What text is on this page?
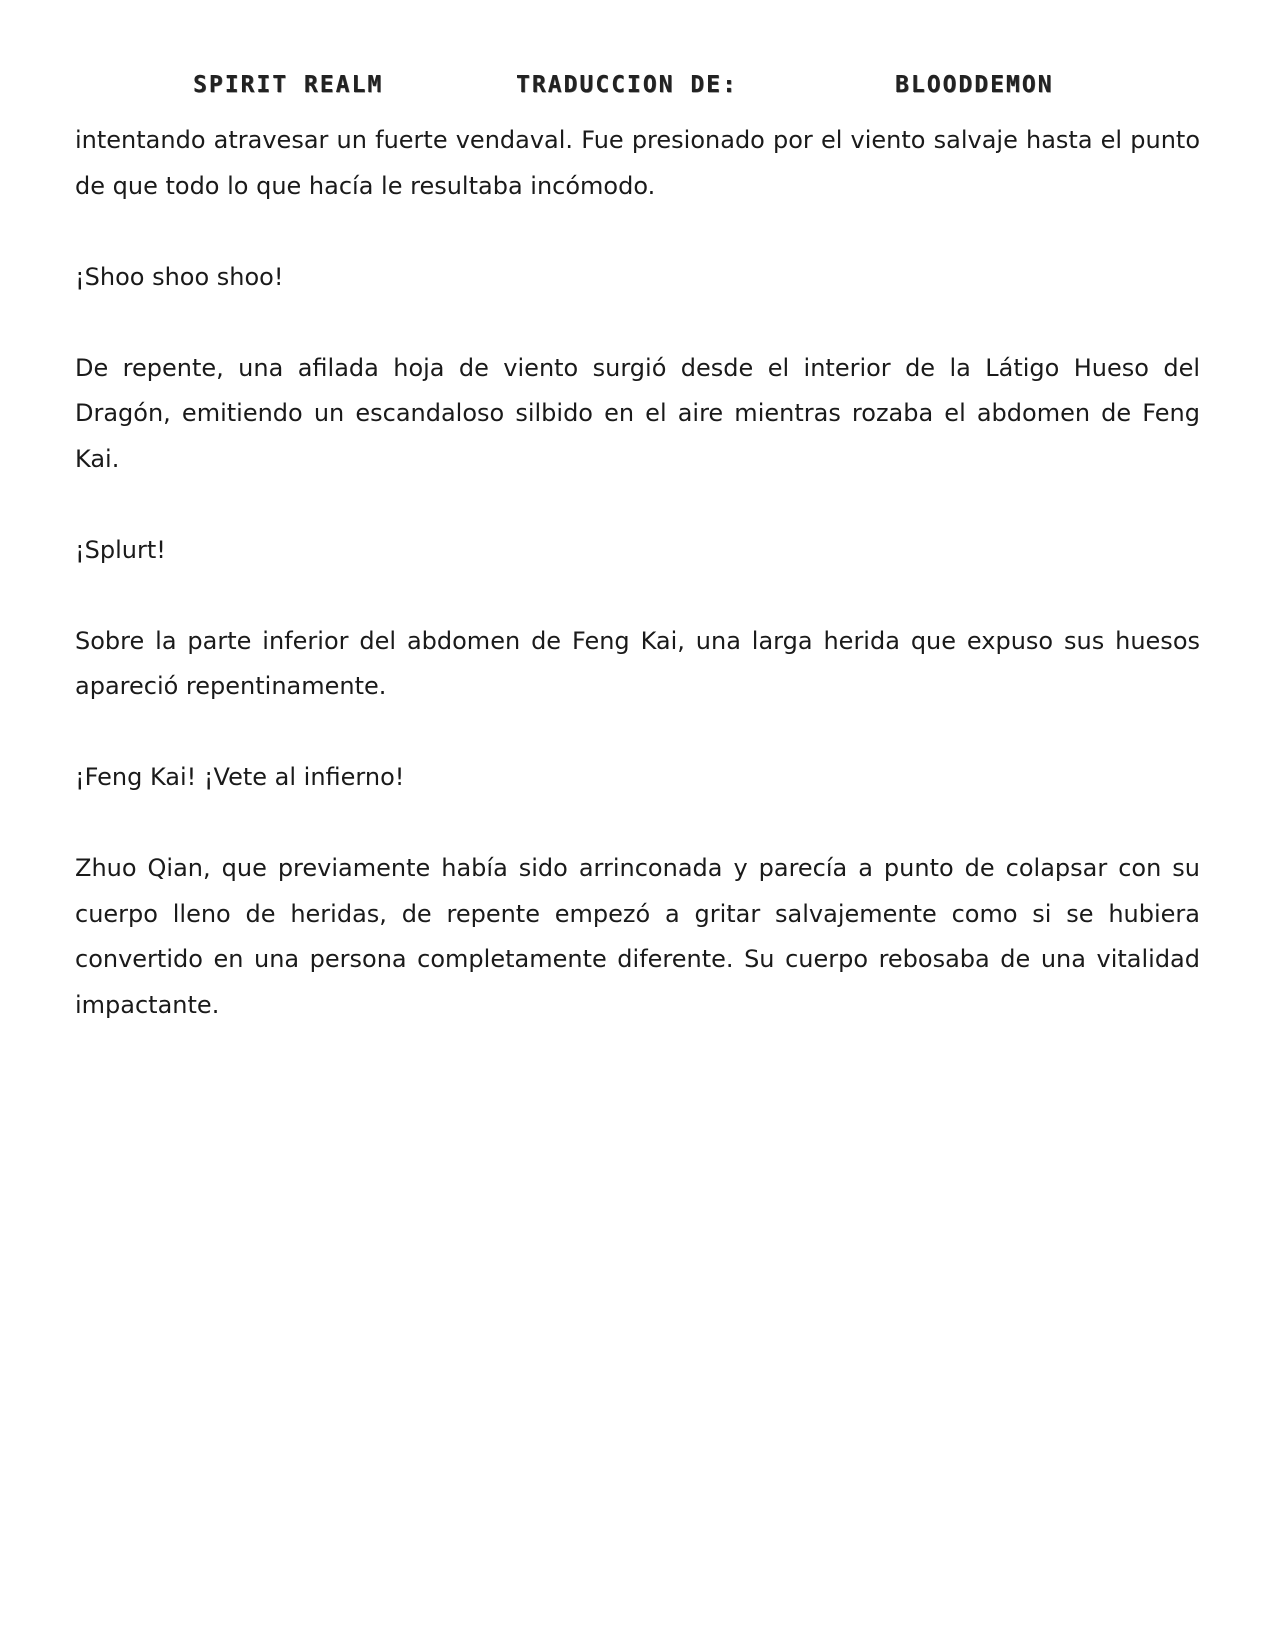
SPIRIT REALM	TRADUCCION DE:	BLOODDEMON

intentando atravesar un fuerte vendaval. Fue presionado por el viento salvaje hasta el punto de que todo lo que hacía le resultaba incómodo.

¡Shoo shoo shoo!

De repente, una afilada hoja de viento surgió desde el interior de la Látigo Hueso del Dragón, emitiendo un escandaloso silbido en el aire mientras rozaba el abdomen de Feng Kai.

¡Splurt!

Sobre la parte inferior del abdomen de Feng Kai, una larga herida que expuso sus huesos apareció repentinamente.

¡Feng Kai! ¡Vete al infierno!

Zhuo Qian, que previamente había sido arrinconada y parecía a punto de colapsar con su cuerpo lleno de heridas, de repente empezó a gritar salvajemente como si se hubiera convertido en una persona completamente diferente. Su cuerpo rebosaba de una vitalidad impactante.
